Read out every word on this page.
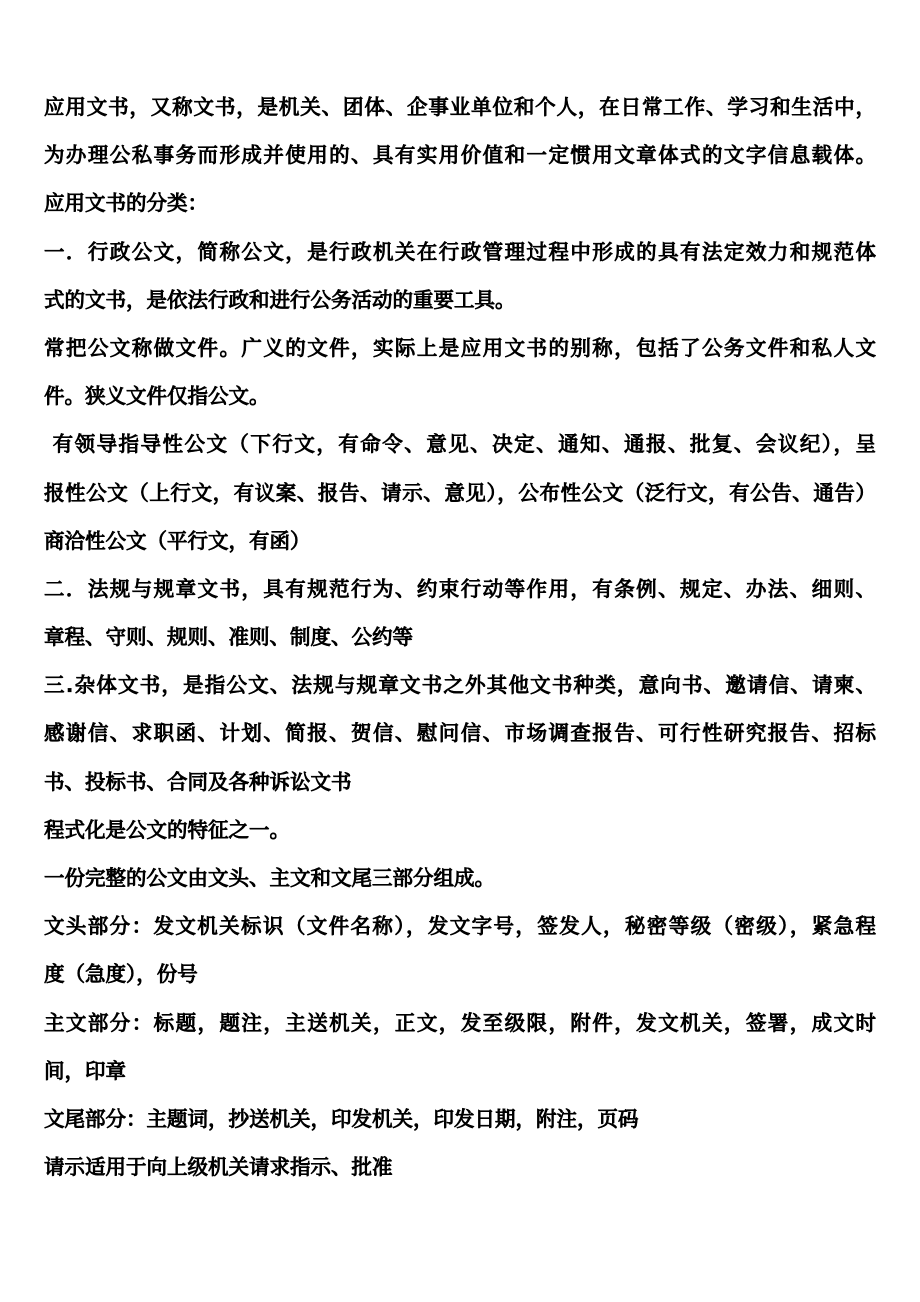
应用文书，又称文书，是机关、团体、企事业单位和个人，在日常工作、学习和生活中，
为办理公私事务而形成并使用的、具有实用价值和一定惯用文章体式的文字信息载体。
应用文书的分类：
一．行政公文，简称公文，是行政机关在行政管理过程中形成的具有法定效力和规范体
式的文书，是依法行政和进行公务活动的重要工具。
常把公文称做文件。广义的文件，实际上是应用文书的别称，包括了公务文件和私人文
件。狭义文件仅指公文。
有领导指导性公文（下行文，有命令、意见、决定、通知、通报、批复、会议纪），呈
报性公文（上行文，有议案、报告、请示、意见），公布性公文（泛行文，有公告、通告）
商洽性公文（平行文，有函）
二．法规与规章文书，具有规范行为、约束行动等作用，有条例、规定、办法、细则、
章程、守则、规则、准则、制度、公约等
三.杂体文书，是指公文、法规与规章文书之外其他文书种类，意向书、邀请信、请柬、
感谢信、求职函、计划、简报、贺信、慰问信、市场调查报告、可行性研究报告、招标
书、投标书、合同及各种诉讼文书
程式化是公文的特征之一。
一份完整的公文由文头、主文和文尾三部分组成。
文头部分：发文机关标识（文件名称），发文字号，签发人，秘密等级（密级），紧急程
度（急度），份号
主文部分：标题，题注，主送机关，正文，发至级限，附件，发文机关，签署，成文时
间，印章
文尾部分：主题词，抄送机关，印发机关，印发日期，附注，页码
请示适用于向上级机关请求指示、批准
